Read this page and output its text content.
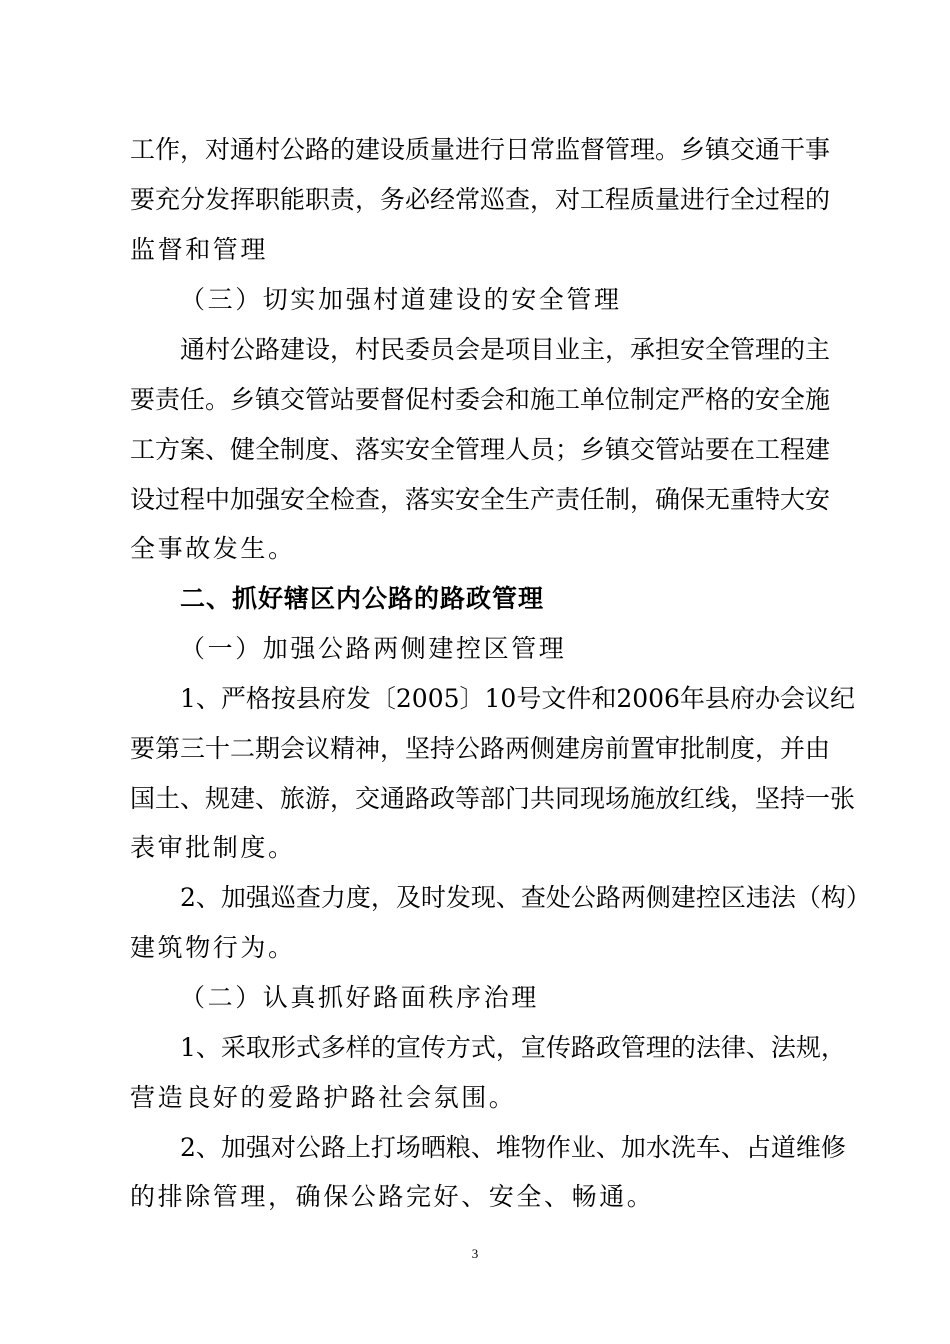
工作，对通村公路的建设质量进行日常监督管理。乡镇交通干事
要充分发挥职能职责，务必经常巡查，对工程质量进行全过程的
监督和管理
（三）切实加强村道建设的安全管理
通村公路建设，村民委员会是项目业主，承担安全管理的主
要责任。乡镇交管站要督促村委会和施工单位制定严格的安全施
工方案、健全制度、落实安全管理人员；乡镇交管站要在工程建
设过程中加强安全检查，落实安全生产责任制，确保无重特大安
全事故发生。
二、抓好辖区内公路的路政管理
（一）加强公路两侧建控区管理
1、严格按县府发〔2005〕10号文件和2006年县府办会议纪
要第三十二期会议精神，坚持公路两侧建房前置审批制度，并由
国土、规建、旅游，交通路政等部门共同现场施放红线，坚持一张
表审批制度。
2、加强巡查力度，及时发现、查处公路两侧建控区违法（构）
建筑物行为。
（二）认真抓好路面秩序治理
1、采取形式多样的宣传方式，宣传路政管理的法律、法规，
营造良好的爱路护路社会氛围。
2、加强对公路上打场晒粮、堆物作业、加水洗车、占道维修
的排除管理，确保公路完好、安全、畅通。
3
